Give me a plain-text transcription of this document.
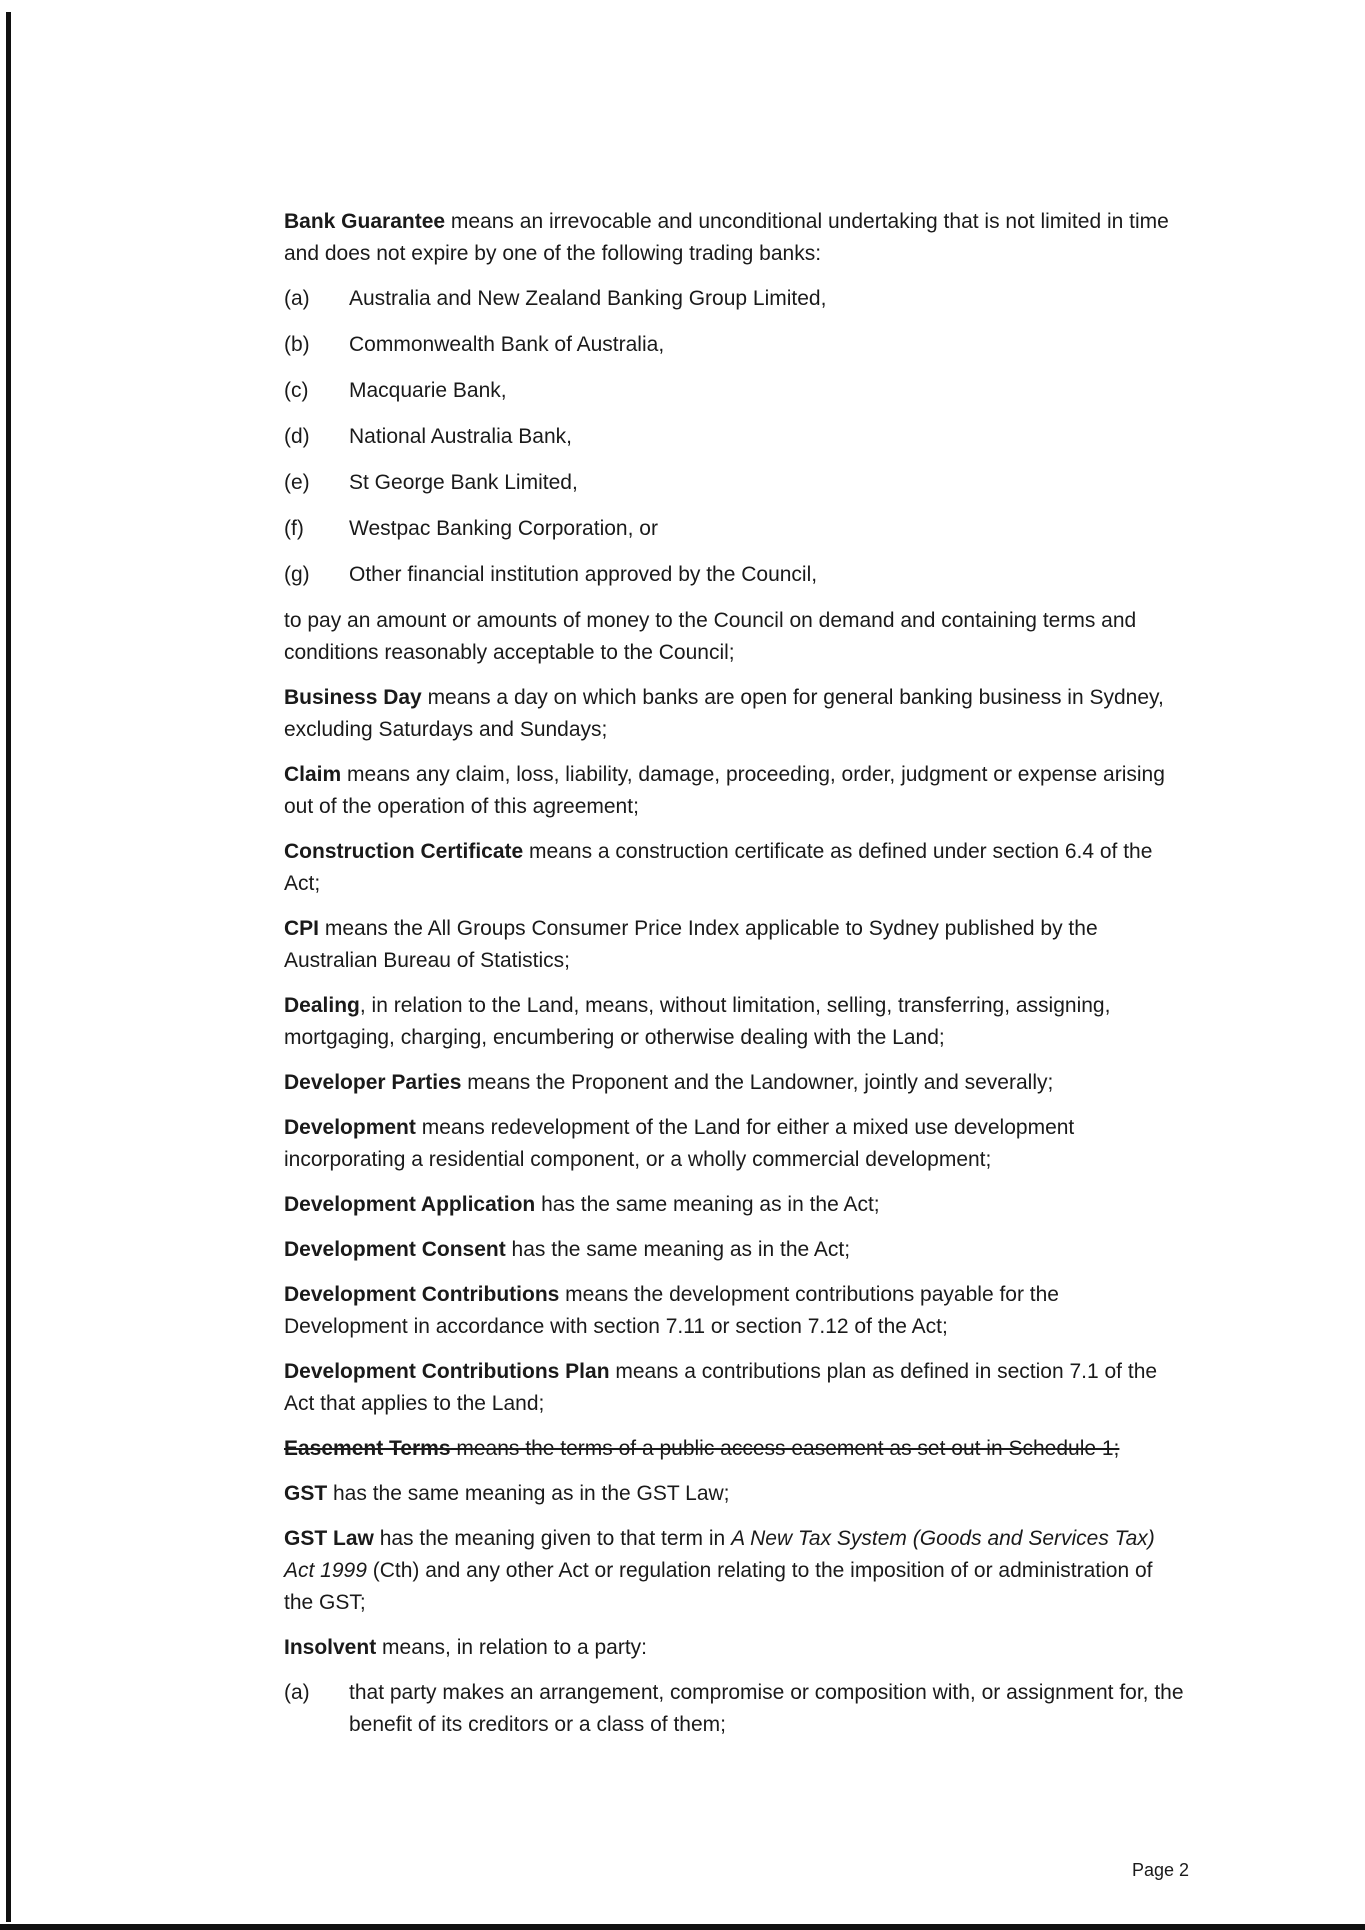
Bank Guarantee means an irrevocable and unconditional undertaking that is not limited in time and does not expire by one of the following trading banks:

(a)	Australia and New Zealand Banking Group Limited,
(b)	Commonwealth Bank of Australia,
(c)	Macquarie Bank,
(d)	National Australia Bank,
(e)	St George Bank Limited,
(f)	Westpac Banking Corporation, or
(g)	Other financial institution approved by the Council,

to pay an amount or amounts of money to the Council on demand and containing terms and conditions reasonably acceptable to the Council;

Business Day means a day on which banks are open for general banking business in Sydney, excluding Saturdays and Sundays;

Claim means any claim, loss, liability, damage, proceeding, order, judgment or expense arising out of the operation of this agreement;

Construction Certificate means a construction certificate as defined under section 6.4 of the Act;

CPI means the All Groups Consumer Price Index applicable to Sydney published by the Australian Bureau of Statistics;

Dealing, in relation to the Land, means, without limitation, selling, transferring, assigning, mortgaging, charging, encumbering or otherwise dealing with the Land;

Developer Parties means the Proponent and the Landowner, jointly and severally;

Development means redevelopment of the Land for either a mixed use development incorporating a residential component, or a wholly commercial development;

Development Application has the same meaning as in the Act;

Development Consent has the same meaning as in the Act;

Development Contributions means the development contributions payable for the Development in accordance with section 7.11 or section 7.12 of the Act;

Development Contributions Plan means a contributions plan as defined in section 7.1 of the Act that applies to the Land;

Easement Terms means the terms of a public access easement as set out in Schedule 1;

GST has the same meaning as in the GST Law;

GST Law has the meaning given to that term in A New Tax System (Goods and Services Tax) Act 1999 (Cth) and any other Act or regulation relating to the imposition of or administration of the GST;

Insolvent means, in relation to a party:

(a)	that party makes an arrangement, compromise or composition with, or assignment for, the benefit of its creditors or a class of them;
Page 2
